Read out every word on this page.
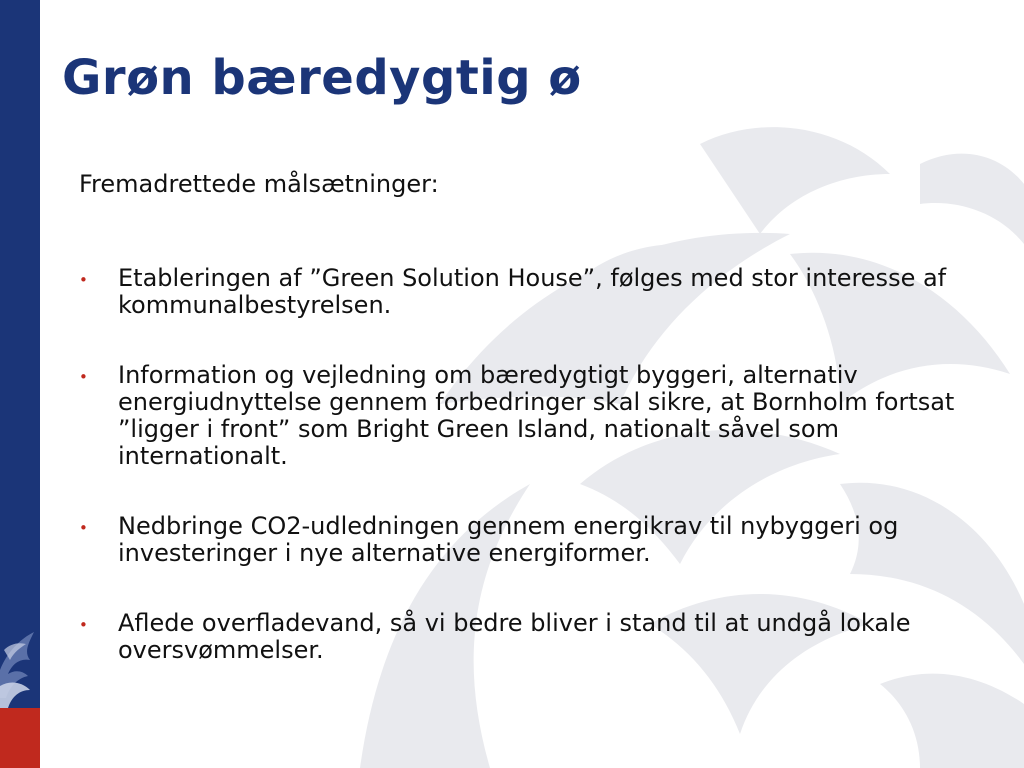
Grøn bæredygtig ø

Fremadrettede målsætninger:

• Etableringen af ”Green Solution House”, følges med stor interesse af kommunalbestyrelsen.
• Information og vejledning om bæredygtigt byggeri, alternativ energiudnyttelse gennem forbedringer skal sikre, at Bornholm fortsat ”ligger i front” som Bright Green Island, nationalt såvel som internationalt.
• Nedbringe CO2-udledningen gennem energikrav til nybyggeri og investeringer i nye alternative energiformer.
• Aflede overfladevand, så vi bedre bliver i stand til at undgå lokale oversvømmelser.
